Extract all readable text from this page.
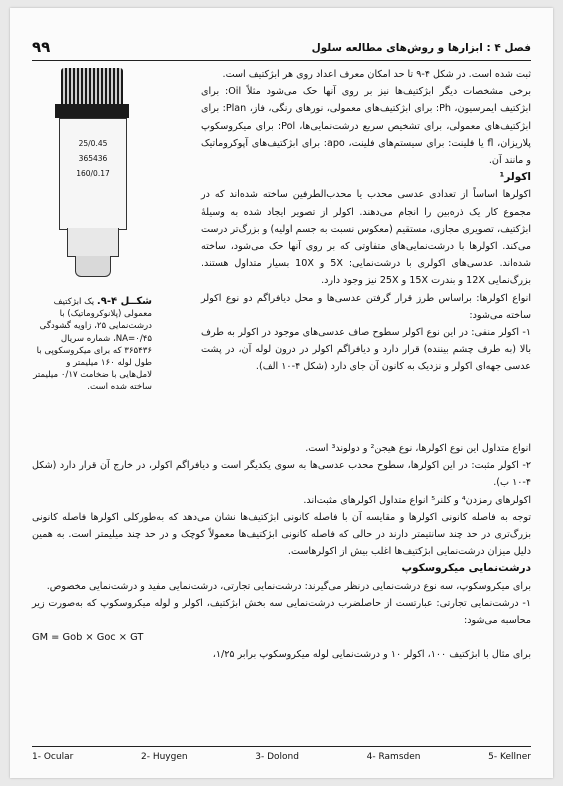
فصل ۴ : ابزارها و روش‌های مطالعه سلول
۹۹
25/0.45
365436
160/0.17
شکــل ۴-۹. یک ابژکتیف معمولی (پلانوکروماتیک) با درشت‌نمایی ۲۵، زاویه گشودگی NA=۰/۴۵، شماره سریال ۳۶۵۴۳۶ که برای میکروسکوپی با طول لوله ۱۶۰ میلیمتر و لامل‌هایی با ضخامت ۰/۱۷ میلیمتر ساخته شده است.

ثبت شده است. در شکل ۴-۹ تا حد امکان معرف اعداد روی هر ابژکتیف است.

برخی مشخصات دیگر ابژکتیف‌ها نیز بر روی آنها حک می‌شود مثلاً Oil: برای ابژکتیف ایمرسیون، Ph: برای ابژکتیف‌های معمولی، نورهای رنگی، فاز، Plan: برای ابژکتیف‌های معمولی، برای تشخیص سریع درشت‌نمایی‌ها، Pol: برای میکروسکوپ پلاریزان، fl یا فلینت: برای سیستم‌های فلینت، apo: برای ابژکتیف‌های آپوکروماتیک و مانند آن.

اکولر¹

اکولرها اساساً از تعدادی عدسی محدب یا محدب‌الطرفین ساخته شده‌اند که در مجموع کار یک ذره‌بین را انجام می‌دهند. اکولر از تصویر ایجاد شده به وسیلهٔ ابژکتیف، تصویری مجازی، مستقیم (معکوس نسبت به جسم اولیه) و بزرگ‌تر درست می‌کند. اکولرها با درشت‌نمایی‌های متفاوتی که بر روی آنها حک می‌شود، ساخته شده‌اند. عدسی‌های اکولری با درشت‌نمایی: 5X و 10X بسیار متداول هستند. بزرگ‌نمایی 12X و بندرت 15X و 25X نیز وجود دارد.

انواع اکولرها: براساس طرز قرار گرفتن عدسی‌ها و محل دیافراگم دو نوع اکولر ساخته می‌شود:

۱- اکولر منفی: در این نوع اکولر سطوح صاف عدسی‌های موجود در اکولر به طرف بالا (به طرف چشم بیننده) قرار دارد و دیافراگم اکولر در درون لوله آن، در پشت عدسی جهه‌ای اکولر و نزدیک به کانون آن جای دارد (شکل ۴-۱۰ الف).

انواع متداول این نوع اکولرها، نوع هیجن² و دولوند³ است.

۲- اکولر مثبت: در این اکولرها، سطوح محدب عدسی‌ها به سوی یکدیگر است و دیافراگم اکولر، در خارج آن قرار دارد (شکل ۴-۱۰ ب).

اکولرهای رمزدن⁴ و کلنر⁵ انواع متداول اکولرهای مثبت‌اند.

توجه به فاصله کانونی اکولرها و مقایسه آن با فاصله کانونی ابژکتیف‌ها نشان می‌دهد که به‌طورکلی اکولرها فاصله کانونی بزرگ‌تری در حد چند سانتیمتر دارند در حالی که فاصله کانونی ابژکتیف‌ها معمولاً کوچک و در حد چند میلیمتر است. به همین دلیل میزان درشت‌نمایی ابژکتیف‌ها اغلب بیش از اکولرهاست.

درشت‌نمایی میکروسکوپ

برای میکروسکوپ، سه نوع درشت‌نمایی درنظر می‌گیرند: درشت‌نمایی تجارتی، درشت‌نمایی مفید و درشت‌نمایی مخصوص.

۱- درشت‌نمایی تجارتی: عبارتست از حاصلضرب درشت‌نمایی سه بخش ابژکتیف، اکولر و لوله میکروسکوپ که به‌صورت زیر محاسبه می‌شود:

GM = Gob × Goc × GT

برای مثال با ابژکتیف ۱۰۰، اکولر ۱۰ و درشت‌نمایی لوله میکروسکوپ برابر ۱/۲۵،

1- Ocular	2- Huygen	3- Dolond	4- Ramsden	5- Kellner
